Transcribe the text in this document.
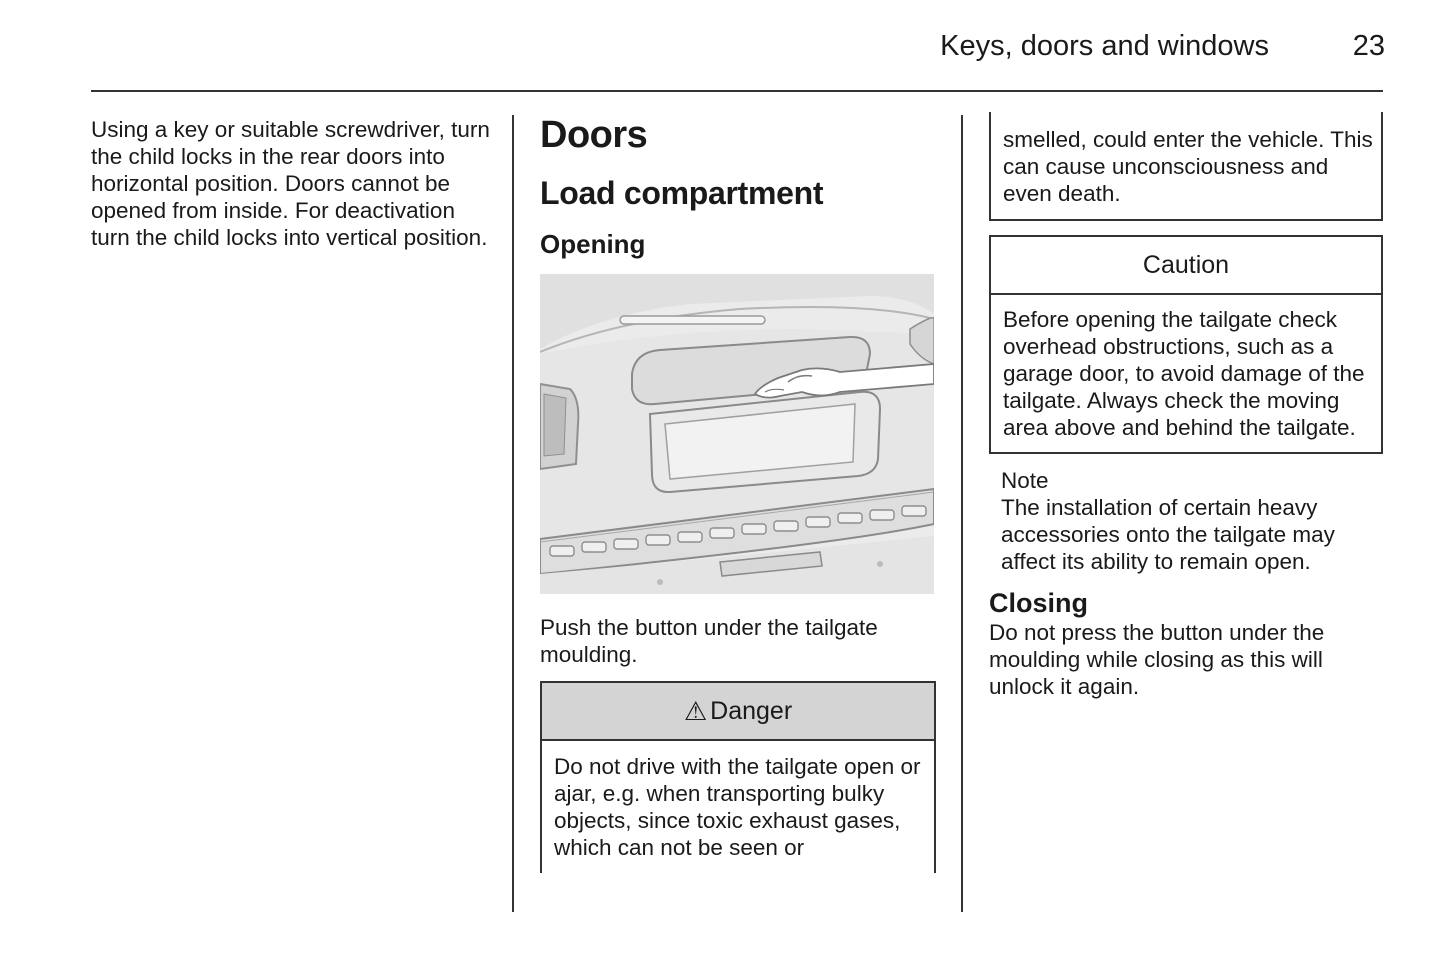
Keys, doors and windows	23

Using a key or suitable screwdriver, turn the child locks in the rear doors into horizontal position. Doors cannot be opened from inside. For deactivation turn the child locks into vertical position.

Doors
Load compartment
Opening

Push the button under the tailgate moulding.

⚠ Danger
Do not drive with the tailgate open or ajar, e.g. when transporting bulky objects, since toxic exhaust gases, which can not be seen or

smelled, could enter the vehicle. This can cause unconsciousness and even death.

Caution
Before opening the tailgate check overhead obstructions, such as a garage door, to avoid damage of the tailgate. Always check the moving area above and behind the tailgate.

Note

The installation of certain heavy accessories onto the tailgate may affect its ability to remain open.

Closing

Do not press the button under the moulding while closing as this will unlock it again.
